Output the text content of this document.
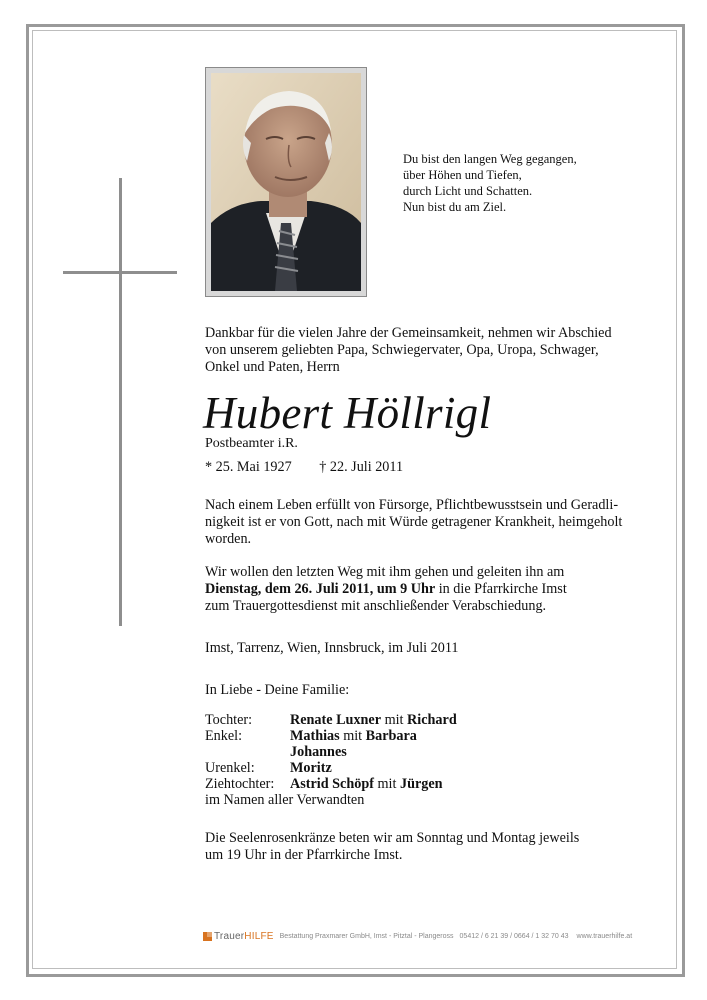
Du bist den langen Weg gegangen,
über Höhen und Tiefen,
durch Licht und Schatten.
Nun bist du am Ziel.
Dankbar für die vielen Jahre der Gemeinsamkeit, nehmen wir Abschied
von unserem geliebten Papa, Schwiegervater, Opa, Uropa, Schwager,
Onkel und Paten, Herrn
Hubert Höllrigl
Postbeamter i.R.
* 25. Mai 1927 † 22. Juli 2011
Nach einem Leben erfüllt von Fürsorge, Pflichtbewusstsein und Geradli-
nigkeit ist er von Gott, nach mit Würde getragener Krankheit, heimgeholt
worden.
Wir wollen den letzten Weg mit ihm gehen und geleiten ihn am
Dienstag, dem 26. Juli 2011, um 9 Uhr in die Pfarrkirche Imst
zum Trauergottesdienst mit anschließender Verabschiedung.
Imst, Tarrenz, Wien, Innsbruck, im Juli 2011
In Liebe - Deine Familie:
Tochter:	Renate Luxner mit Richard
Enkel:	Mathias mit Barbara
Johannes
Urenkel: Moritz
Ziehtochter: Astrid Schöpf mit Jürgen
im Namen aller Verwandten
Die Seelenrosenkränze beten wir am Sonntag und Montag jeweils
um 19 Uhr in der Pfarrkirche Imst.
TrauerHILFE Bestattung Praxmarer GmbH, Imst - Pitztal - Plangeross 05412 / 6 21 39 / 0664 / 1 32 70 43 www.trauerhilfe.at
